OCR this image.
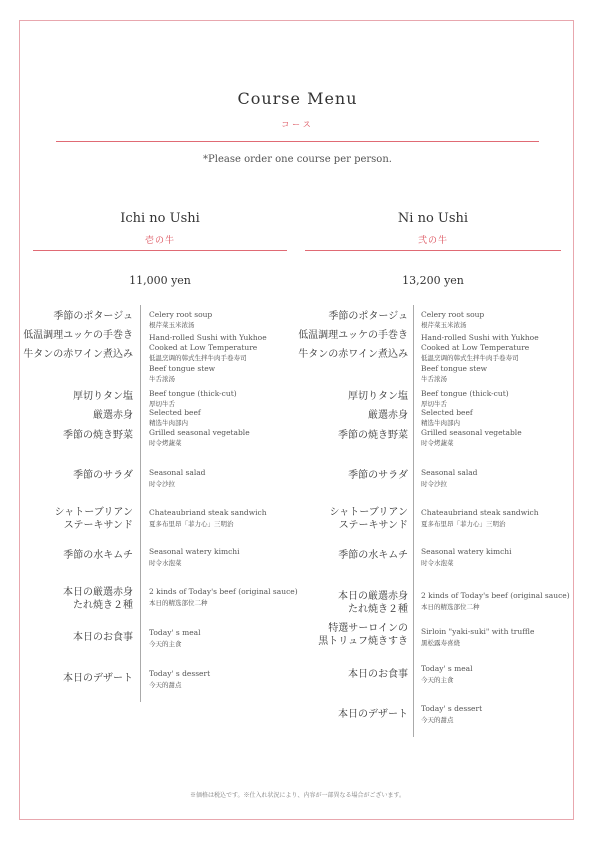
Course Menu
コース
*Please order one course per person.
Ichi no Ushi
壱の牛
11,000 yen
Ni no Ushi
弐の牛
13,200 yen
季節のポタージュ
低温調理ユッケの手巻き
牛タンの赤ワイン煮込み
厚切りタン塩
厳選赤身
季節の焼き野菜
季節のサラダ
シャトーブリアン
ステーキサンド
季節の水キムチ
本日の厳選赤身
たれ焼き２種
本日のお食事
本日のデザート
Celery root soup
根芹菜玉米浓汤
Hand-rolled Sushi with Yukhoe
Cooked at Low Temperature
低温烹调的韩式生拌牛肉手卷寿司
Beef tongue stew
牛舌浓汤
Beef tongue (thick-cut)
厚切牛舌
Selected beef
精选牛肉部内
Grilled seasonal vegetable
时令烤蔬菜
Seasonal salad
时令沙拉
Chateaubriand steak sandwich
夏多布里昂「菲力心」三明治
Seasonal watery kimchi
时令水泡菜
2 kinds of Today's beef (original sauce)
本日的精选部位二种
Today' s meal
今天的主食
Today' s dessert
今天的甜点
季節のポタージュ
低温調理ユッケの手巻き
牛タンの赤ワイン煮込み
厚切りタン塩
厳選赤身
季節の焼き野菜
季節のサラダ
シャトーブリアン
ステーキサンド
季節の水キムチ
本日の厳選赤身
たれ焼き２種
特選サーロインの
黒トリュフ焼きすき
本日のお食事
本日のデザート
Celery root soup
根芹菜玉米浓汤
Hand-rolled Sushi with Yukhoe
Cooked at Low Temperature
低温烹调的韩式生拌牛肉手卷寿司
Beef tongue stew
牛舌浓汤
Beef tongue (thick-cut)
厚切牛舌
Selected beef
精选牛肉部内
Grilled seasonal vegetable
时令烤蔬菜
Seasonal salad
时令沙拉
Chateaubriand steak sandwich
夏多布里昂「菲力心」三明治
Seasonal watery kimchi
时令水泡菜
2 kinds of Today's beef (original sauce)
本日的精选部位二种
Sirloin "yaki-suki" with truffle
黑松露寿喜烧
Today' s meal
今天的主食
Today' s dessert
今天的甜点
※価格は税込です。※仕入れ状況により、内容が一部異なる場合がございます。
